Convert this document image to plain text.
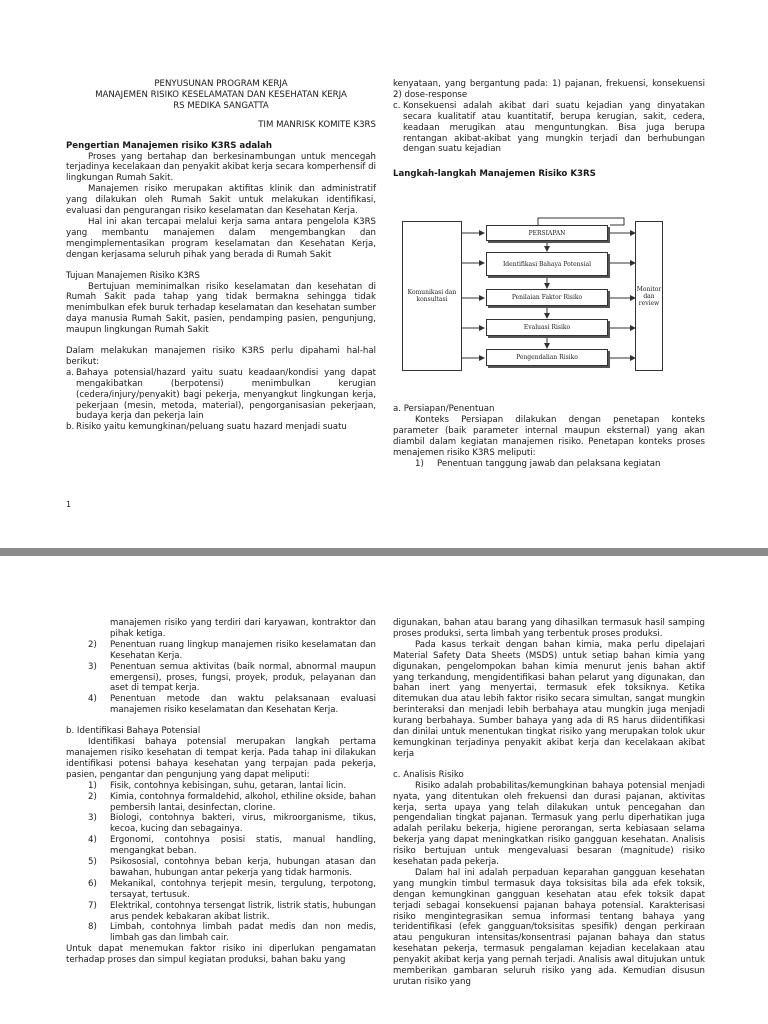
PENYUSUNAN PROGRAM KERJA

MANAJEMEN RISIKO KESELAMATAN DAN KESEHATAN KERJA

RS MEDIKA SANGATTA

TIM MANRISK KOMITE K3RS

Pengertian Manajemen risiko K3RS adalah

Proses yang bertahap dan berkesinambungan untuk mencegah terjadinya kecelakaan dan penyakit akibat kerja secara komperhensif di lingkungan Rumah Sakit.

Manajemen risiko merupakan aktifitas klinik dan administratif yang dilakukan oleh Rumah Sakit untuk melakukan identifikasi, evaluasi dan pengurangan risiko keselamatan dan Kesehatan Kerja.

Hal ini akan tercapai melalui kerja sama antara pengelola K3RS yang membantu manajemen dalam mengembangkan dan mengimplementasikan program keselamatan dan Kesehatan Kerja, dengan kerjasama seluruh pihak yang berada di Rumah Sakit

Tujuan Manajemen Risiko K3RS

Bertujuan meminimalkan risiko keselamatan dan kesehatan di Rumah Sakit pada tahap yang tidak bermakna sehingga tidak menimbulkan efek buruk terhadap keselamatan dan kesehatan sumber daya manusia Rumah Sakit, pasien, pendamping pasien, pengunjung, maupun lingkungan Rumah Sakit

Dalam melakukan manajemen risiko K3RS perlu dipahami hal-hal berikut:

a. Bahaya potensial/hazard yaitu suatu keadaan/kondisi yang dapat mengakibatkan (berpotensi) menimbulkan kerugian (cedera/injury/penyakit) bagi pekerja, menyangkut lingkungan kerja, pekerjaan (mesin, metoda, material), pengorganisasian pekerjaan, budaya kerja dan pekerja lain
b. Risiko yaitu kemungkinan/peluang suatu hazard menjadi suatu

kenyataan, yang bergantung pada: 1) pajanan, frekuensi, konsekuensi 2) dose-response

c. Konsekuensi adalah akibat dari suatu kejadian yang dinyatakan secara kualitatif atau kuantitatif, berupa kerugian, sakit, cedera, keadaan merugikan atau menguntungkan. Bisa juga berupa rentangan akibat-akibat yang mungkin terjadi dan berhubungan dengan suatu kejadian

Langkah-langkah Manajemen Risiko K3RS

Komunikasi dan konsultasi
Monitor dan review
PERSIAPAN
Identifikasi Bahaya Potensial
Penilaian Faktor Risiko
Evaluasi Risiko
Pengendalian Risiko

a. Persiapan/Penentuan

Konteks Persiapan dilakukan dengan penetapan konteks parameter (baik parameter internal maupun eksternal) yang akan diambil dalam kegiatan manajemen risiko. Penetapan konteks proses menajemen risiko K3RS meliputi:

1)	Penentuan tanggung jawab dan pelaksana kegiatan
1

manajemen risiko yang terdiri dari karyawan, kontraktor dan pihak ketiga.

2)	Penentuan ruang lingkup manajemen risiko keselamatan dan Kesehatan Kerja.
3)	Penentuan semua aktivitas (baik normal, abnormal maupun emergensi), proses, fungsi, proyek, produk, pelayanan dan aset di tempat kerja.
4)	Penentuan metode dan waktu pelaksanaan evaluasi manajemen risiko keselamatan dan Kesehatan Kerja.

b. Identifikasi Bahaya Potensial

Identifikasi bahaya potensial merupakan langkah pertama manajemen risiko kesehatan di tempat kerja. Pada tahap ini dilakukan identifikasi potensi bahaya kesehatan yang terpajan pada pekerja, pasien, pengantar dan pengunjung yang dapat meliputi:

1)	Fisik, contohnya kebisingan, suhu, getaran, lantai licin.
2)	Kimia, contohnya formaldehid, alkohol, ethiline okside, bahan pembersih lantai, desinfectan, clorine.
3)	Biologi, contohnya bakteri, virus, mikroorganisme, tikus, kecoa, kucing dan sebagainya.
4)	Ergonomi, contohnya posisi statis, manual handling, mengangkat beban.
5)	Psikososial, contohnya beban kerja, hubungan atasan dan bawahan, hubungan antar pekerja yang tidak harmonis.
6)	Mekanikal, contohnya terjepit mesin, tergulung, terpotong, tersayat, tertusuk.
7)	Elektrikal, contohnya tersengat listrik, listrik statis, hubungan arus pendek kebakaran akibat listrik.
8)	Limbah, contohnya limbah padat medis dan non medis, limbah gas dan limbah cair.

Untuk dapat menemukan faktor risiko ini diperlukan pengamatan terhadap proses dan simpul kegiatan produksi, bahan baku yang

digunakan, bahan atau barang yang dihasilkan termasuk hasil samping proses produksi, serta limbah yang terbentuk proses produksi.

Pada kasus terkait dengan bahan kimia, maka perlu dipelajari Material Safety Data Sheets (MSDS) untuk setiap bahan kimia yang digunakan, pengelompokan bahan kimia menurut jenis bahan aktif yang terkandung, mengidentifikasi bahan pelarut yang digunakan, dan bahan inert yang menyertai, termasuk efek toksiknya. Ketika ditemukan dua atau lebih faktor risiko secara simultan, sangat mungkin berinteraksi dan menjadi lebih berbahaya atau mungkin juga menjadi kurang berbahaya. Sumber bahaya yang ada di RS harus diidentifikasi dan dinilai untuk menentukan tingkat risiko yang merupakan tolok ukur kemungkinan terjadinya penyakit akibat kerja dan kecelakaan akibat kerja

c. Analisis Risiko

Risiko adalah probabilitas/kemungkinan bahaya potensial menjadi nyata, yang ditentukan oleh frekuensi dan durasi pajanan, aktivitas kerja, serta upaya yang telah dilakukan untuk pencegahan dan pengendalian tingkat pajanan. Termasuk yang perlu diperhatikan juga adalah perilaku bekerja, higiene perorangan, serta kebiasaan selama bekerja yang dapat meningkatkan risiko gangguan kesehatan. Analisis risiko bertujuan untuk mengevaluasi besaran (magnitude) risiko kesehatan pada pekerja.

Dalam hal ini adalah perpaduan keparahan gangguan kesehatan yang mungkin timbul termasuk daya toksisitas bila ada efek toksik, dengan kemungkinan gangguan kesehatan atau efek toksik dapat terjadi sebagai konsekuensi pajanan bahaya potensial. Karakterisasi risiko mengintegrasikan semua informasi tentang bahaya yang teridentifikasi (efek gangguan/toksisitas spesifik) dengan perkiraan atau pengukuran intensitas/konsentrasi pajanan bahaya dan status kesehatan pekerja, termasuk pengalaman kejadian kecelakaan atau penyakit akibat kerja yang pernah terjadi. Analisis awal ditujukan untuk memberikan gambaran seluruh risiko yang ada. Kemudian disusun urutan risiko yang
